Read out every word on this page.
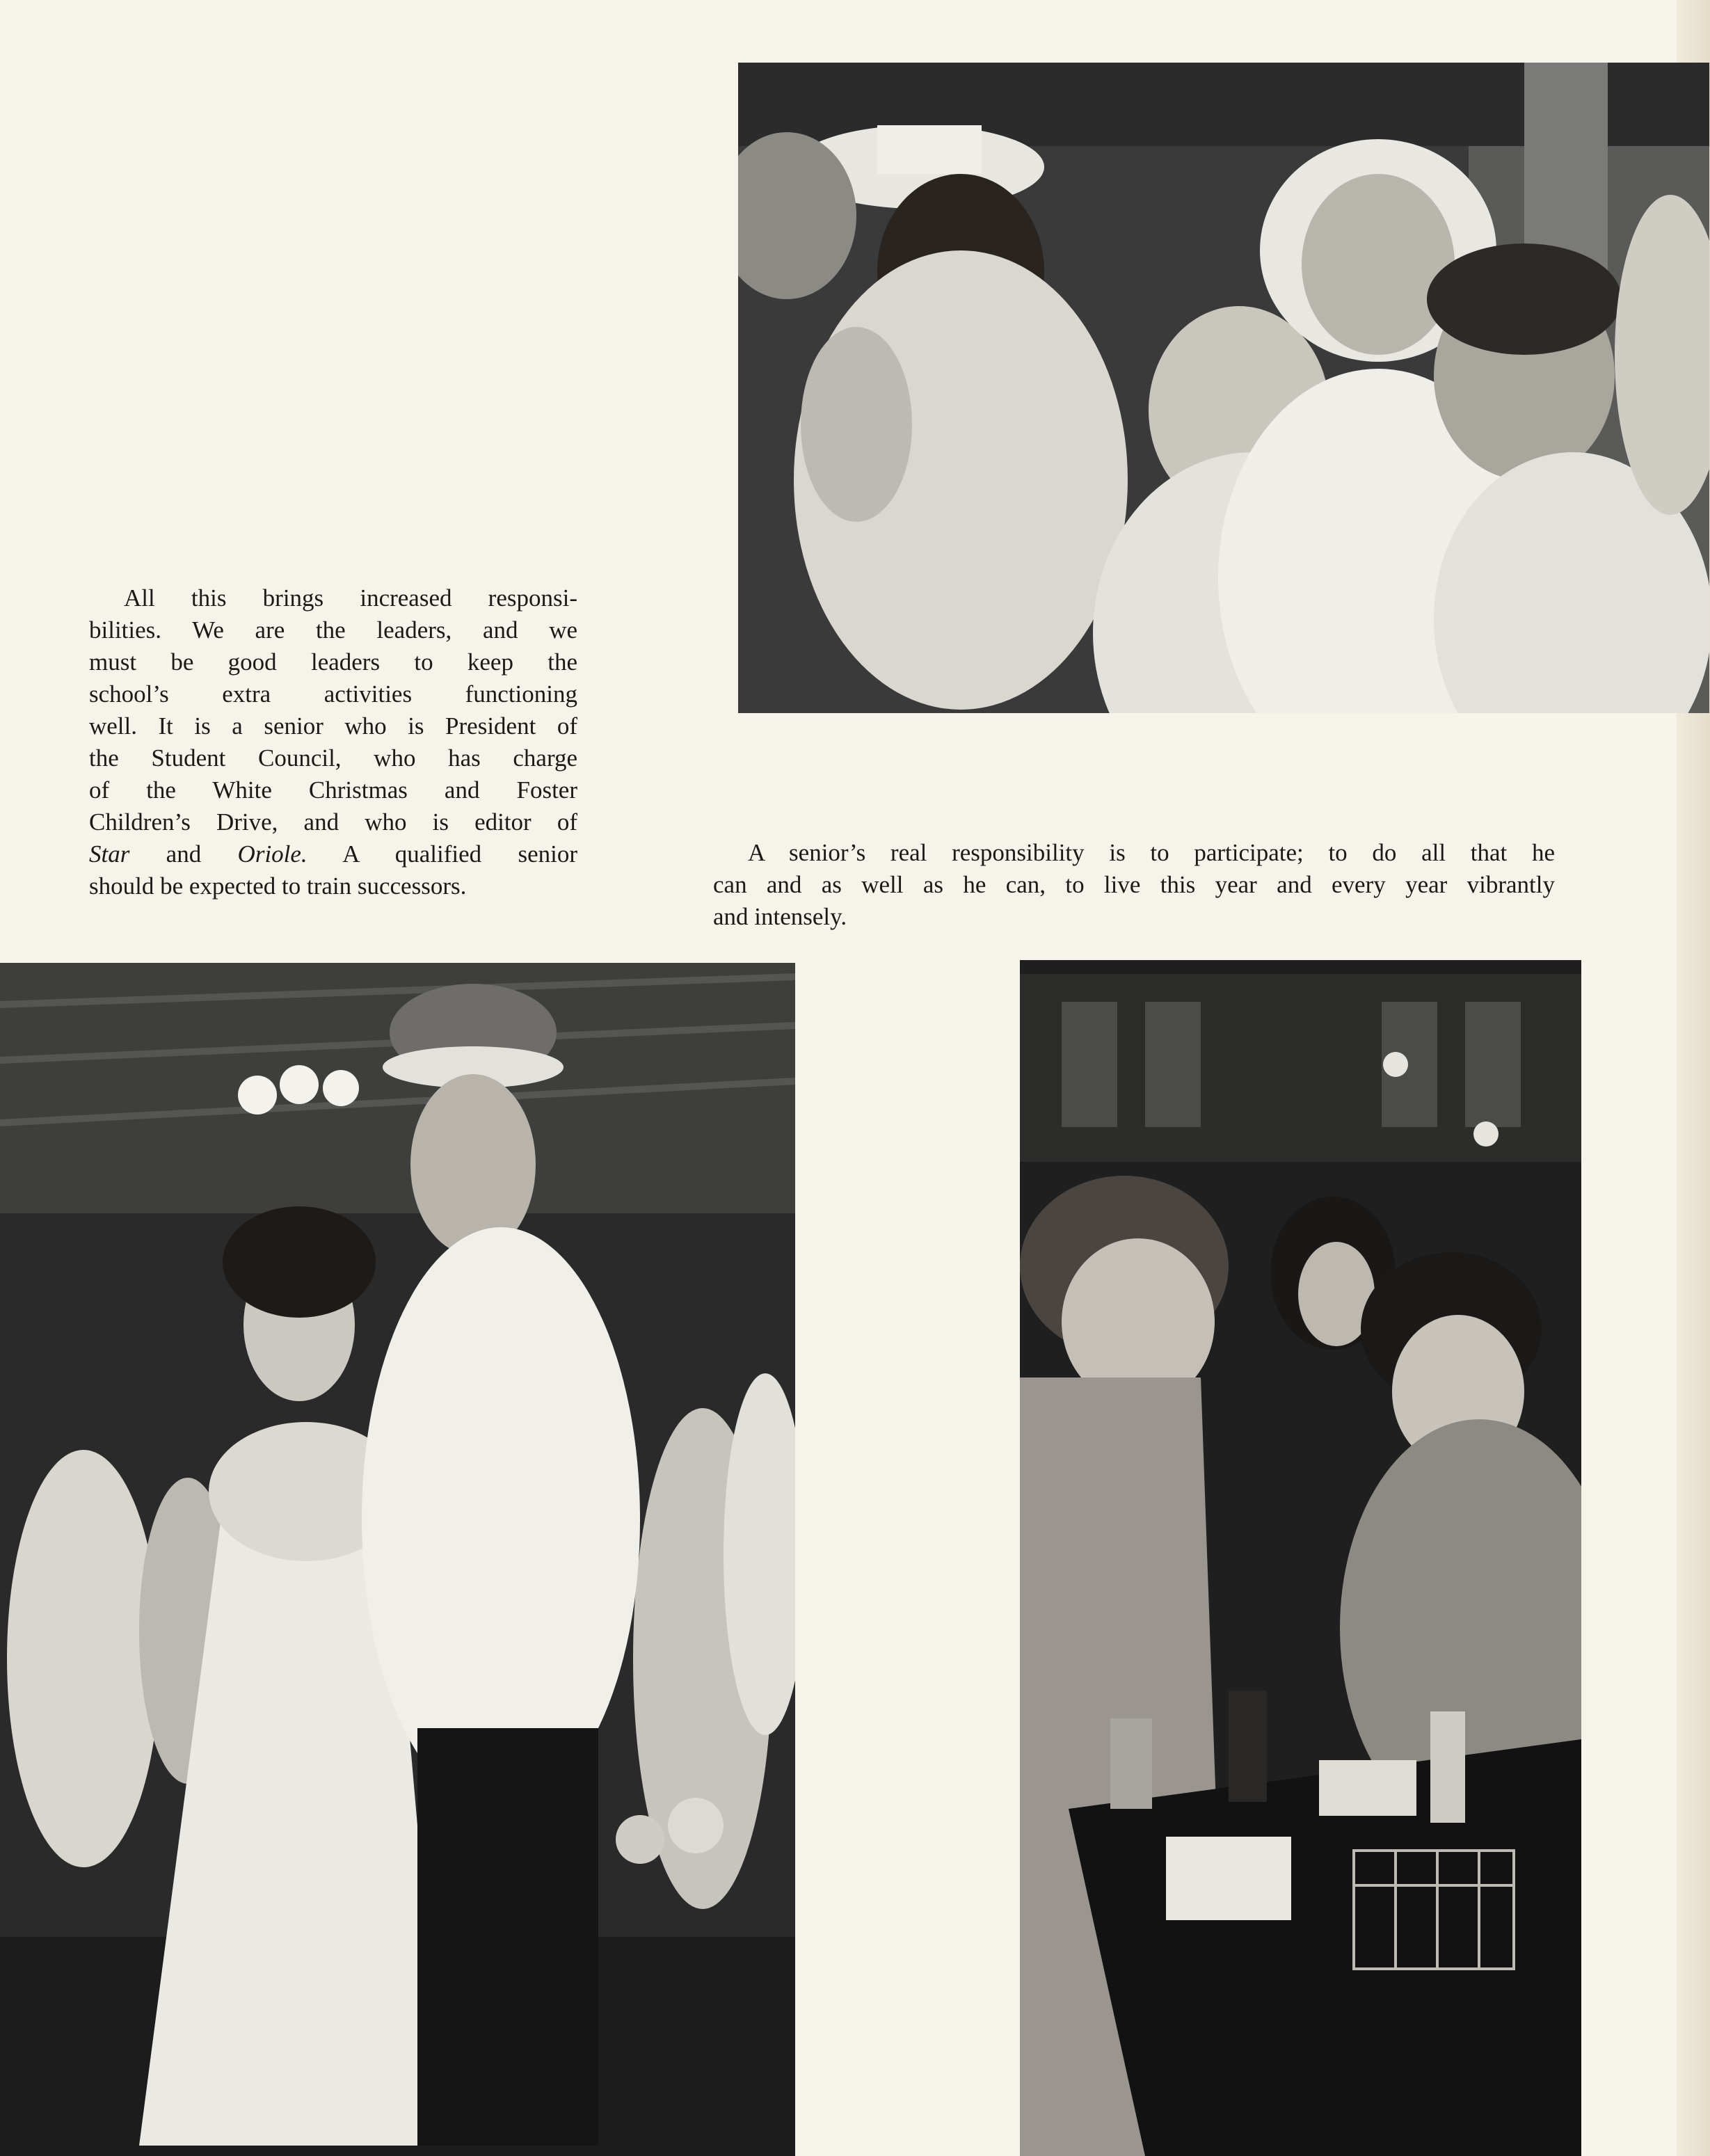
All this brings increased responsi-
bilities. We are the leaders, and we
must be good leaders to keep the
school’s extra activities functioning
well. It is a senior who is President of
the Student Council, who has charge
of the White Christmas and Foster
Children’s Drive, and who is editor of
Star and Oriole. A qualified senior
should be expected to train successors.

A senior’s real responsibility is to participate; to do all that he
can and as well as he can, to live this year and every year vibrantly
and intensely.
